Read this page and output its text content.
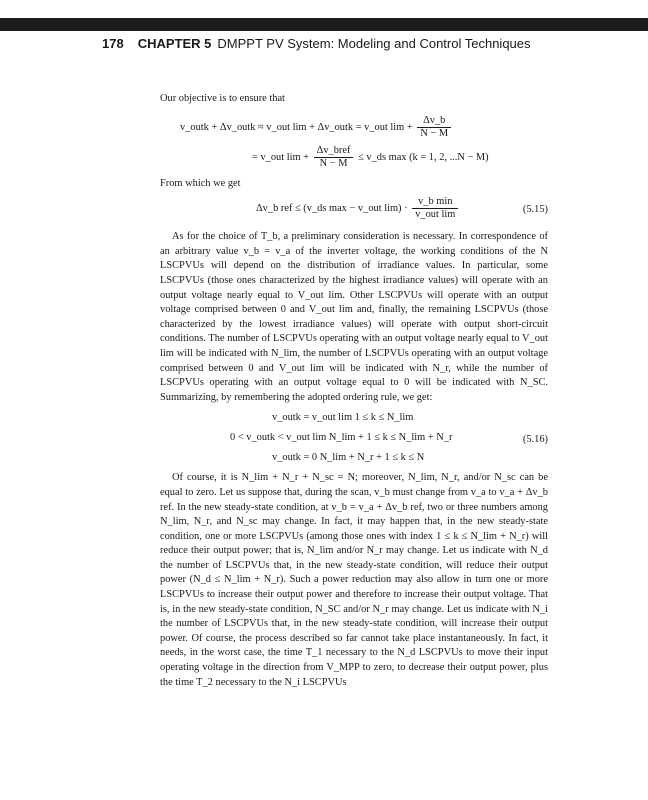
178 CHAPTER 5 DMPPT PV System: Modeling and Control Techniques

Our objective is to ensure that

v_outk + Δv_outk ≈ v_out lim + Δv_outk = v_out $\lim + \frac{\Delta v\_b}{N - M}$
= v_out $\lim + \frac{\text{Δv\_bref}}{N - M}$ ≤ v_ds max (k = 1, 2, ...N − M)

From which we get

Δv_b ref ≤ (v_ds max − v_out $\lim) \cdot \frac{\text{v\_b min}}{\text{v\_out lim}}$	(5.15)

As for the choice of T_b, a preliminary consideration is necessary. In correspondence of an arbitrary value v_b = v_a of the inverter voltage, the working conditions of the N LSCPVUs will depend on the distribution of irradiance values. In particular, some LSCPVUs (those ones characterized by the highest irradiance values) will operate with an output voltage nearly equal to V_out lim. Other LSCPVUs will operate with an output voltage comprised between 0 and V_out lim and, finally, the remaining LSCPVUs (those characterized by the lowest irradiance values) will operate with output short-circuit conditions. The number of LSCPVUs operating with an output voltage nearly equal to V_out lim will be indicated with N_lim, the number of LSCPVUs operating with an output voltage comprised between 0 and V_out lim will be indicated with N_r, while the number of LSCPVUs operating with an output voltage equal to 0 will be indicated with N_SC. Summarizing, by remembering the adopted ordering rule, we get:

v_outk = v_out lim 1 ≤ k ≤ N_lim
0 < v_outk < v_out lim N_lim + 1 ≤ k ≤ N_lim + N_r
v_outk = 0 N_lim + N_r + 1 ≤ k ≤ N
(5.16)

Of course, it is N_lim + N_r + N_sc = N; moreover, N_lim, N_r, and/or N_sc can be equal to zero. Let us suppose that, during the scan, v_b must change from v_a to v_a + Δv_b ref. In the new steady-state condition, at v_b = v_a + Δv_b ref, two or three numbers among N_lim, N_r, and N_sc may change. In fact, it may happen that, in the new steady-state condition, one or more LSCPVUs (among those ones with index 1 ≤ k ≤ N_lim + N_r) will reduce their output power; that is, N_lim and/or N_r may change. Let us indicate with N_d the number of LSCPVUs that, in the new steady-state condition, will reduce their output power (N_d ≤ N_lim + N_r). Such a power reduction may also allow in turn one or more LSCPVUs to increase their output power and therefore to increase their output voltage. That is, in the new steady-state condition, N_SC and/or N_r may change. Let us indicate with N_i the number of LSCPVUs that, in the new steady-state condition, will increase their output power. Of course, the process described so far cannot take place instantaneously. In fact, it needs, in the worst case, the time T_1 necessary to the N_d LSCPVUs to move their input operating voltage in the direction from V_MPP to zero, to decrease their output power, plus the time T_2 necessary to the N_i LSCPVUs
